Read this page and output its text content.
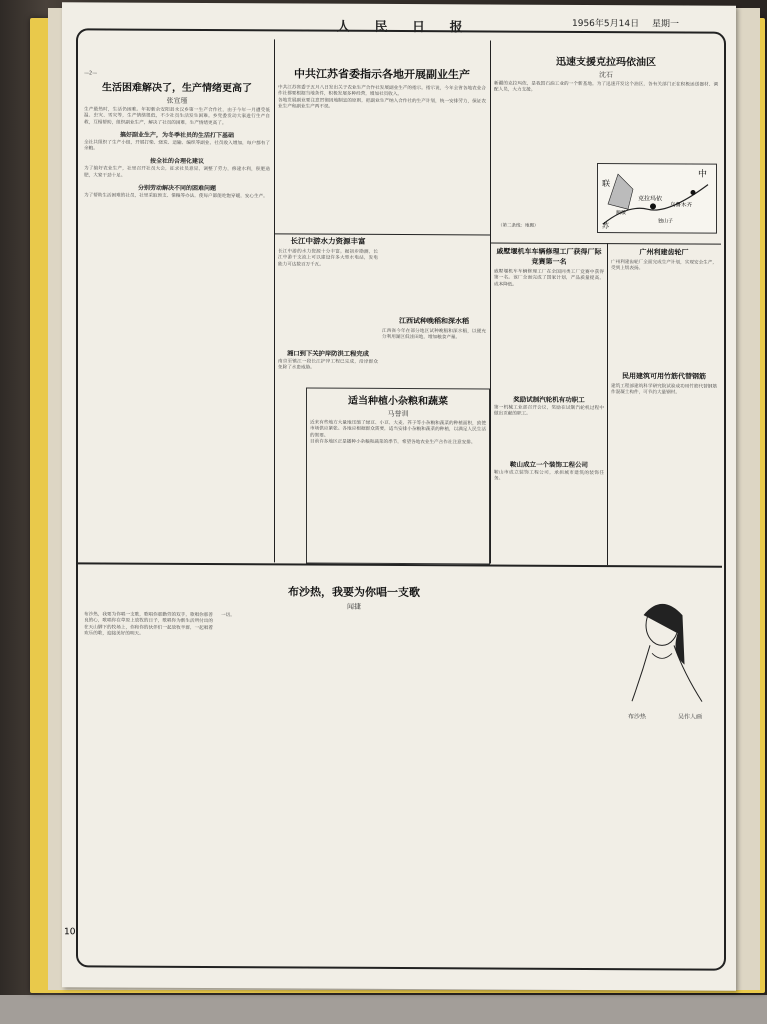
人 民 日 报	1956年5月14日 星期一
—2—
生活困难解决了，生产情绪更高了
张宣瑾
生产最热时，生活仍困难。年初新余安阳县永汉乡第一生产合作社，由于今年一月遭受低温、虫灾、雪灾等，生产情绪很低，不少社员生活发生困难。乡党委发动大家进行生产自救，互相帮助，组织副业生产，解决了社员的困难，生产情绪更高了。
搞好副业生产，为冬季社员的生活打下基础
全社共组织了生产小组，开展打柴、烧炭、运输、编织等副业，社员收入增加，每户都有了余粮。
按全社的合理化建议
为了搞好农业生产，社里召开社员大会，征求社员意见，调整了劳力，修建水利，积肥造肥，大家干劲十足。
分别劳动解决不同的困难问题
为了帮助生活困难的社员，社里采取预支、借粮等办法，使每户都能吃饱穿暖，安心生产。
中共江苏省委指示各地开展副业生产
中共江苏省委于五月八日发出关于农业生产合作社发展副业生产的指示。指示说，今年全省各地农业合作社都要根据当地条件，积极发展多种经营，增加社员收入。
各地发展副业要注意贯彻因地制宜的原则，把副业生产纳入合作社的生产计划，统一安排劳力，保证农业生产和副业生产两不误。
长江中游水力资源丰富
长江中游的水力资源十分丰富。据初步勘测，长江中游干支流上可以建设许多大型水电站，发电能力可达数百万千瓦。
湘口到下关护岸防洪工程完成
南京至镇江一段长江护岸工程已完成，沿岸群众免除了水患威胁。
江西试种晚稻和深水稻
江西省今年在部分地区试种晚稻和深水稻，以便充分利用湖区低洼田地，增加粮食产量。
适当种植小杂粮和蔬菜
马誉训
近来有些地方大量地压缩了绿豆、小豆、大麦、荞子等小杂粮和蔬菜的种植面积，致使市场供应紧张。各地应根据群众需要，适当安排小杂粮和蔬菜的种植，以满足人民生活的需要。
目前许多地区正是播种小杂粮和蔬菜的季节，希望各地农业生产合作社注意安排。
迅速支援克拉玛依油区
沈石
新疆的克拉玛依，是我国石油工业的一个新基地。为了迅速开发这个油区，各有关部门正在积极运送器材、调配人员，大力支援。
（第二条线：地图）
中
联
克拉玛依
乌鲁木齐
独山子
额敏
苏
戚墅堰机车车辆修理工厂获得厂际竞赛第一名
戚墅堰机车车辆修理工厂在全国同类工厂竞赛中获得第一名。该厂全面完成了国家计划，产品质量提高，成本降低。
奖励试制汽轮机有功职工
第一机械工业部召开会议，奖励在试制汽轮机过程中做出贡献的职工。
鞍山成立一个装饰工程公司
鞍山市成立装饰工程公司，承担城市建筑的装饰任务。
广州利建齿轮厂
广州利建齿轮厂全面完成生产计划，实现安全生产，受到上级表扬。
民用建筑可用竹筋代替钢筋
建筑工程部建筑科学研究院试验成功用竹筋代替钢筋作混凝土构件，可节约大量钢材。
布沙热，我要为你唱一支歌
闻捷
布沙热，我要为你唱一支歌，歌唱你那勤劳的双手，歌唱你那善良的心，歌唱你在草原上放牧的日子，歌唱你为新生活所付出的一切。
在天山脚下的牧场上，你和你的伙伴们一起放牧羊群，一起唱着欢乐的歌，迎接美好的明天。
布沙热	吴作人画
10
